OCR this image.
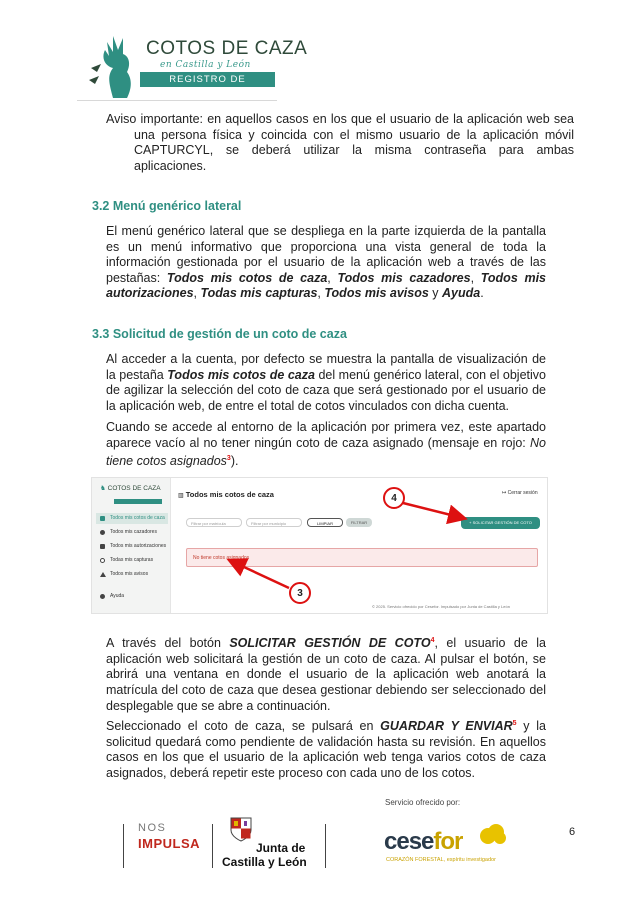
COTOS DE CAZA
en Castilla y León
REGISTRO DE CAPTURAS
Aviso importante: en aquellos casos en los que el usuario de la aplicación web sea una persona física y coincida con el mismo usuario de la aplicación móvil CAPTURCYL, se deberá utilizar la misma contraseña para ambas aplicaciones.
3.2 Menú genérico lateral
El menú genérico lateral que se despliega en la parte izquierda de la pantalla es un menú informativo que proporciona una vista general de toda la información gestionada por el usuario de la aplicación web a través de las pestañas: Todos mis cotos de caza, Todos mis cazadores, Todos mis autorizaciones, Todas mis capturas, Todos mis avisos y Ayuda.
3.3 Solicitud de gestión de un coto de caza
Al acceder a la cuenta, por defecto se muestra la pantalla de visualización de la pestaña Todos mis cotos de caza del menú genérico lateral, con el objetivo de agilizar la selección del coto de caza que será gestionado por el usuario de la aplicación web, de entre el total de cotos vinculados con dicha cuenta.
Cuando se accede al entorno de la aplicación por primera vez, este apartado aparece vacío al no tener ningún coto de caza asignado (mensaje en rojo: No tiene cotos asignados$^3$).
♞ COTOS DE CAZA
Todos mis cotos de caza
Todos mis cazadores
Todos mis autorizaciones
Todas mis capturas
Todos mis avisos
Ayuda
▥ Todos mis cotos de caza	↦ Cerrar sesión
Filtrar por matrícula	Filtrar por municipio	LIMPIAR	FILTRAR	+ SOLICITAR GESTIÓN DE COTO
No tiene cotos asignados
© 2025. Servicio ofrecido por Cesefor. Impulsado por Junta de Castilla y León
4
3
A través del botón SOLICITAR GESTIÓN DE COTO$^4$, el usuario de la aplicación web solicitará la gestión de un coto de caza. Al pulsar el botón, se abrirá una ventana en donde el usuario de la aplicación web anotará la matrícula del coto de caza que desea gestionar debiendo ser seleccionado del desplegable que se abre a continuación.
Seleccionado el coto de caza, se pulsará en GUARDAR Y ENVIAR$^5$ y la solicitud quedará como pendiente de validación hasta su revisión. En aquellos casos en los que el usuario de la aplicación web tenga varios cotos de caza asignados, deberá repetir este proceso con cada uno de los cotos.
Servicio ofrecido por:
NOS
IMPULSA	Junta de
Castilla y León
cesefor
CORAZÓN FORESTAL, espíritu investigador
6
